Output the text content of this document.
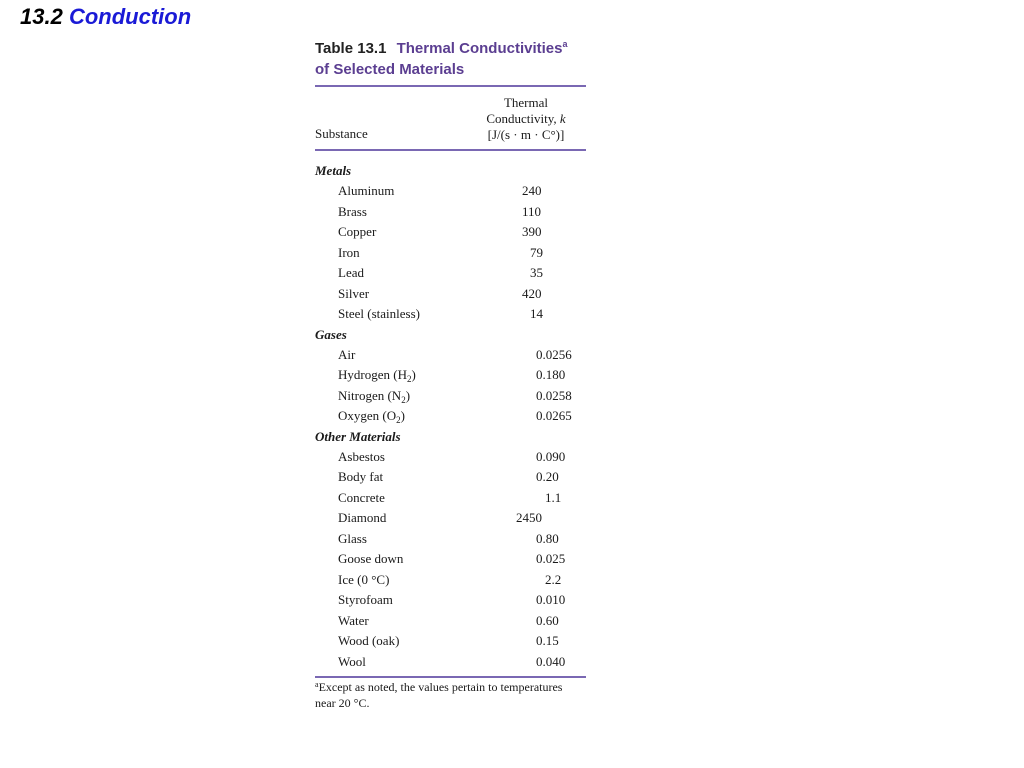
13.2 Conduction
Table 13.1 Thermal Conductivities$^a$
of Selected Materials
Substance
Thermal
Conductivity, k
[J/(s · m · C°)]
Metals
Aluminum	240
Brass	110
Copper	390
Iron	79
Lead	35
Silver	420
Steel (stainless)	14
Gases
Air	0.0256
Hydrogen $(H_2)$	0.180
Nitrogen $(N_2)$	0.0258
Oxygen $(O_2)$	0.0265
Other Materials
Asbestos	0.090
Body fat	0.20
Concrete	1.1
Diamond	2450
Glass	0.80
Goose down	0.025
Ice (0 °C)	2.2
Styrofoam	0.010
Water	0.60
Wood (oak)	0.15
Wool	0.040
$^a$Except as noted, the values pertain to temperatures near 20 °C.
